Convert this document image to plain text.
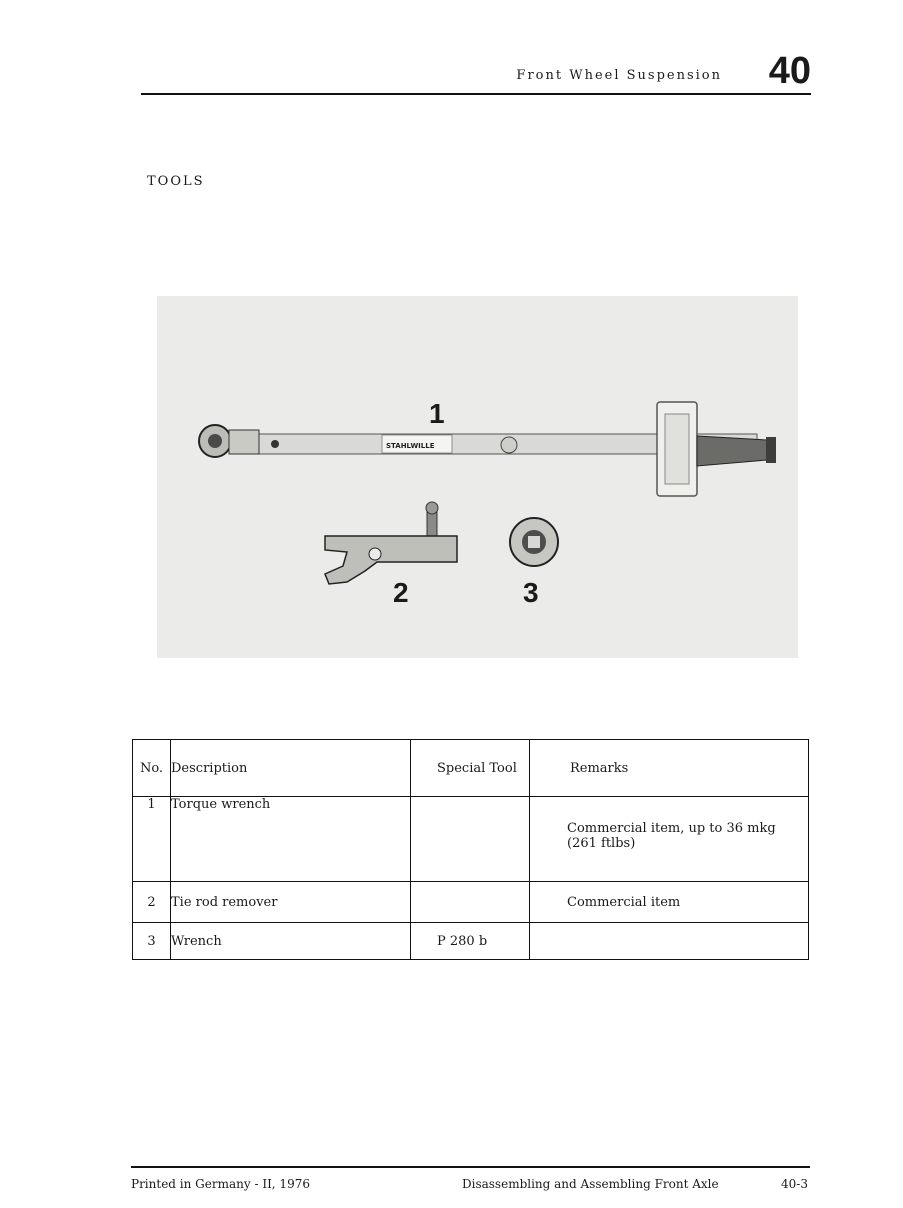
Front Wheel Suspension	40
TOOLS
STAHLWILLE
1
2	3
No.	Description	Special Tool	Remarks
1	Torque wrench		Commercial item, up to 36 mkg
(261 ftlbs)

2	Tie rod remover		Commercial item
3	Wrench	P 280 b	
Printed in Germany - II, 1976	Disassembling and Assembling Front Axle	40-3
